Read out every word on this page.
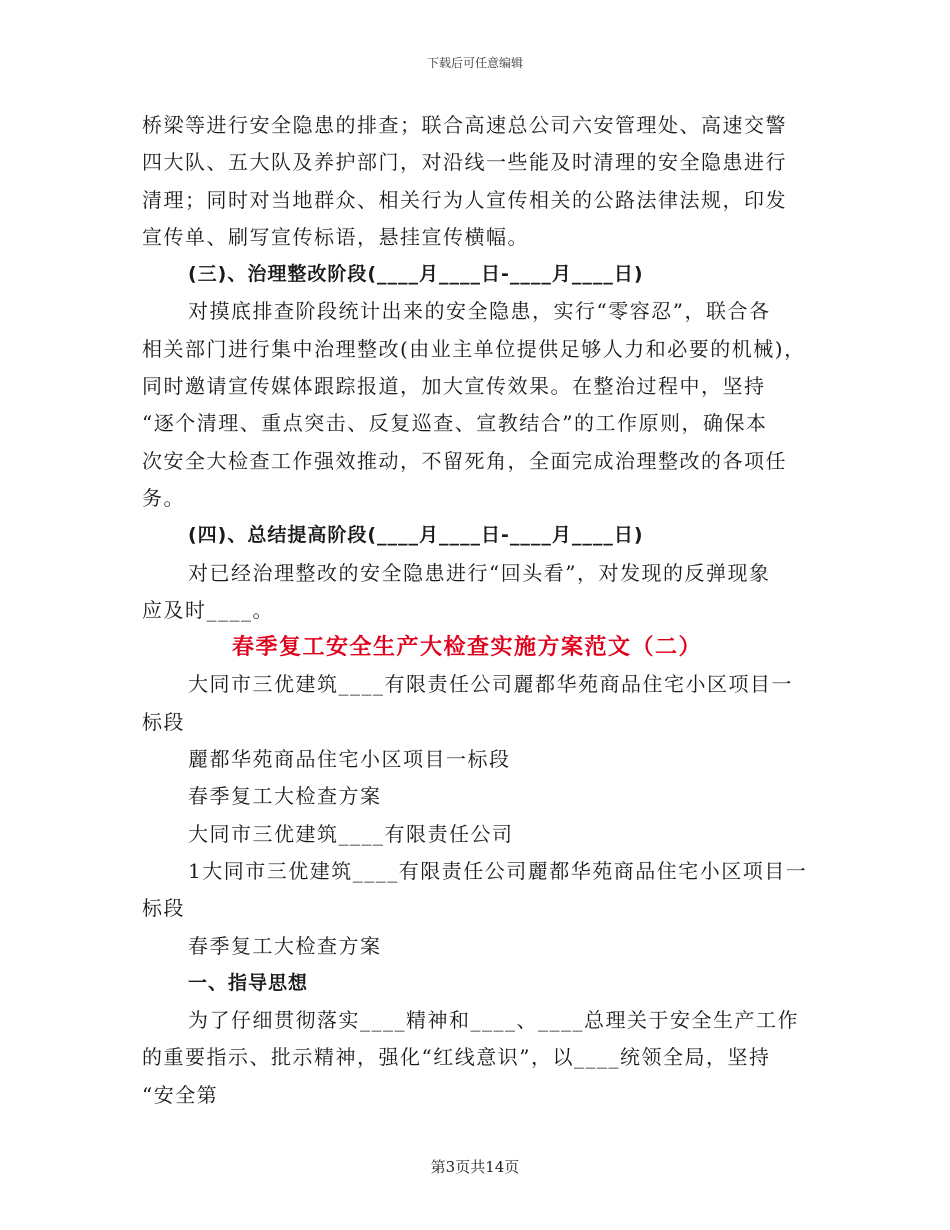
下载后可任意编辑
桥梁等进行安全隐患的排查；联合高速总公司六安管理处、高速交警
四大队、五大队及养护部门，对沿线一些能及时清理的安全隐患进行
清理；同时对当地群众、相关行为人宣传相关的公路法律法规，印发
宣传单、刷写宣传标语，悬挂宣传横幅。
(三)、治理整改阶段(____月____日-____月____日)
对摸底排查阶段统计出来的安全隐患，实行“零容忍”，联合各
相关部门进行集中治理整改(由业主单位提供足够人力和必要的机械)，
同时邀请宣传媒体跟踪报道，加大宣传效果。在整治过程中，坚持
“逐个清理、重点突击、反复巡查、宣教结合”的工作原则，确保本
次安全大检查工作强效推动，不留死角，全面完成治理整改的各项任
务。
(四)、总结提高阶段(____月____日-____月____日)
对已经治理整改的安全隐患进行“回头看”，对发现的反弹现象
应及时____。
春季复工安全生产大检查实施方案范文（二）
大同市三优建筑____有限责任公司麗都华苑商品住宅小区项目一
标段
麗都华苑商品住宅小区项目一标段
春季复工大检查方案
大同市三优建筑____有限责任公司
1大同市三优建筑____有限责任公司麗都华苑商品住宅小区项目一
标段
春季复工大检查方案
一、指导思想
为了仔细贯彻落实____精神和____、____总理关于安全生产工作
的重要指示、批示精神，强化“红线意识”，以____统领全局，坚持
“安全第
第3页共14页
